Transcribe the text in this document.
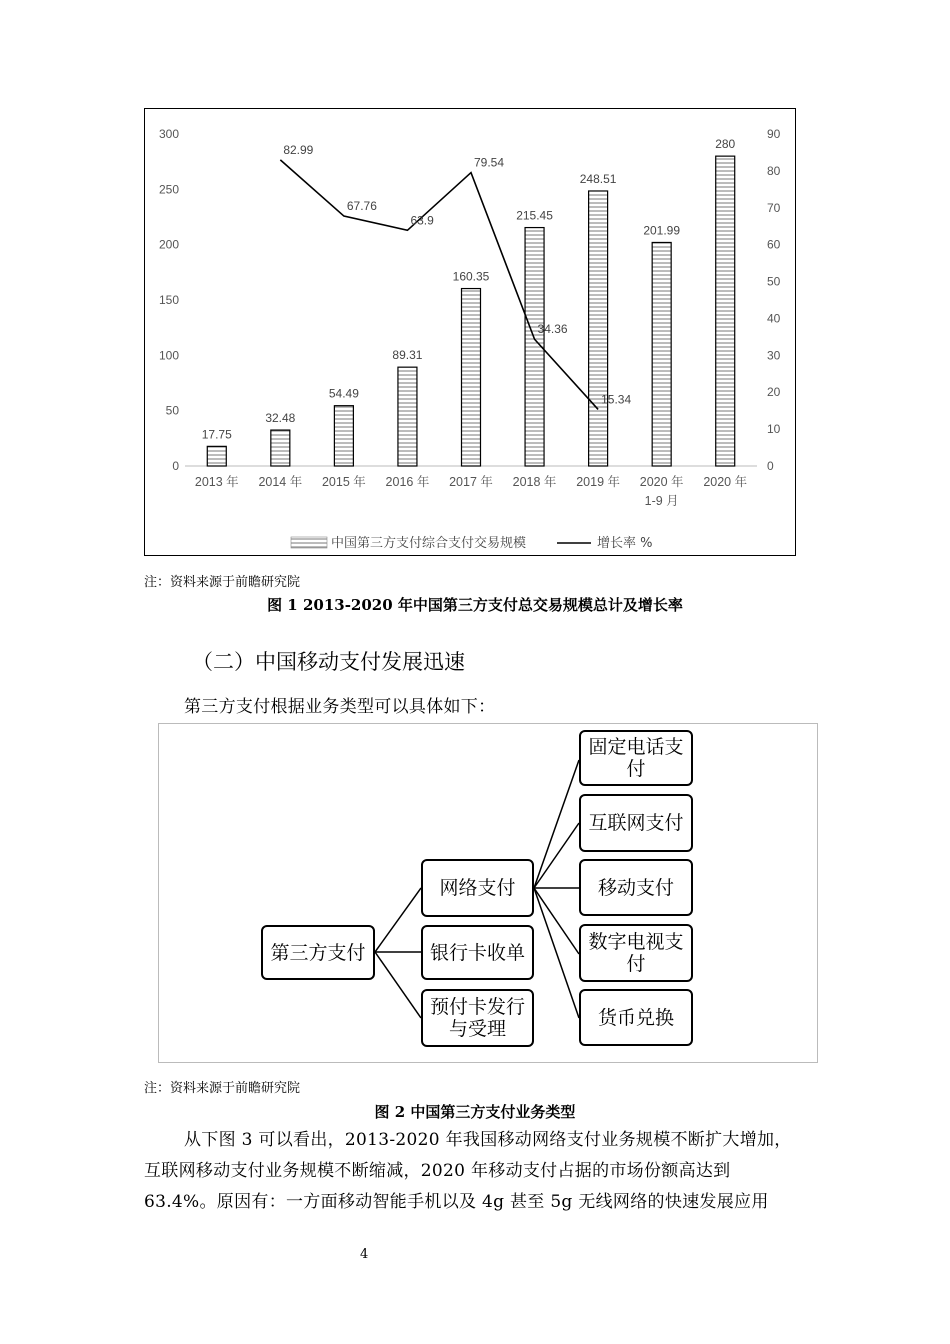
0
50
100
150
200
250
300
0
10
20
30
40
50
60
70
80
90
17.75
2013 年
32.48
2014 年
54.49
2015 年
89.31
2016 年
160.35
2017 年
215.45
2018 年
248.51
2019 年
201.99
2020 年
1-9 月
280
2020 年
82.99
67.76
63.9
79.54
34.36
15.34
中国第三方支付综合支付交易规模	增长率 %
注：资料来源于前瞻研究院
图 1 2013-2020 年中国第三方支付总交易规模总计及增长率
（二）中国移动支付发展迅速
第三方支付根据业务类型可以具体如下：
第三方支付
网络支付
银行卡收单
预付卡发行与受理
固定电话支付
互联网支付
移动支付
数字电视支付
货币兑换
注：资料来源于前瞻研究院
图 2 中国第三方支付业务类型
从下图 3 可以看出，2013-2020 年我国移动网络支付业务规模不断扩大增加，
互联网移动支付业务规模不断缩减，2020 年移动支付占据的市场份额高达到
63.4%。原因有：一方面移动智能手机以及 4g 甚至 5g 无线网络的快速发展应用
4
